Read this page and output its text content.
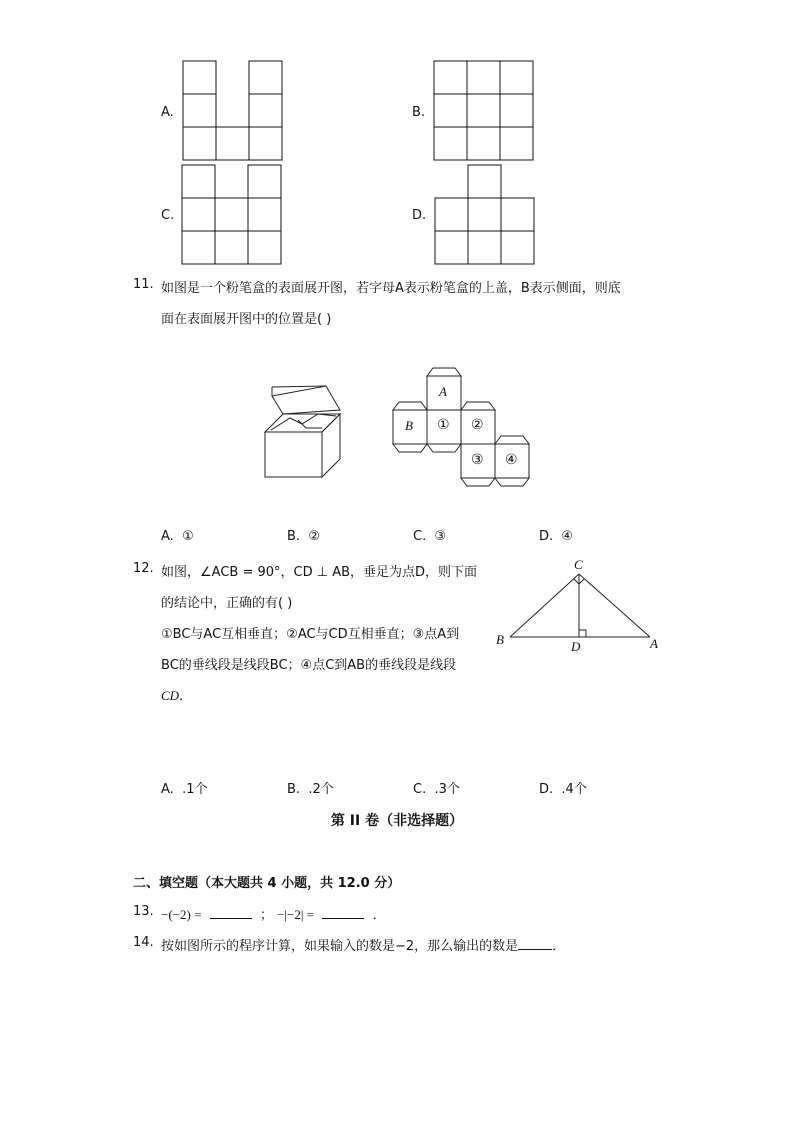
A.	B.
C.	D.
11. 如图是一个粉笔盒的表面展开图，若字母A表示粉笔盒的上盖，B表示侧面，则底
面在表面展开图中的位置是( )
A
B ① ②
③ ④
A. ①	B. ②	C. ③	D. ④
12. 如图，∠ACB = 90°，CD ⊥ AB，垂足为点D，则下面
的结论中，正确的有( )
①BC与AC互相垂直；②AC与CD互相垂直；③点A到
BC的垂线段是线段BC；④点C到AB的垂线段是线段
CD．
C
B	D	A
A. .1个	B. .2个	C. .3个	D. .4个
第 II 卷（非选择题）
二、填空题（本大题共 4 小题，共 12.0 分）
13. −(−2) =	； −|−2| =	．
14. 按如图所示的程序计算，如果输入的数是−2，那么输出的数是	．
